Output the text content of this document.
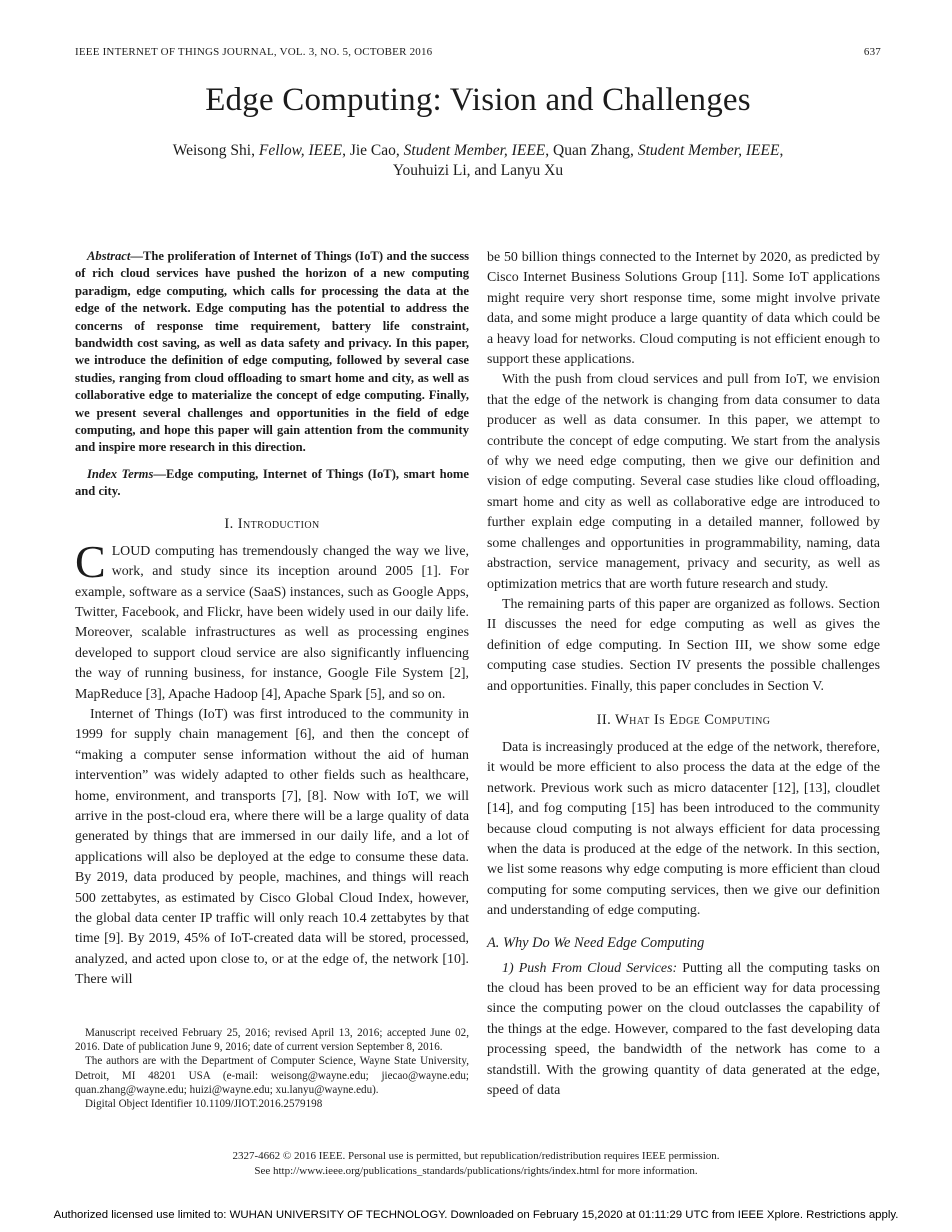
IEEE INTERNET OF THINGS JOURNAL, VOL. 3, NO. 5, OCTOBER 2016	637
Edge Computing: Vision and Challenges
Weisong Shi, Fellow, IEEE, Jie Cao, Student Member, IEEE, Quan Zhang, Student Member, IEEE,
Youhuizi Li, and Lanyu Xu

Abstract—The proliferation of Internet of Things (IoT) and the success of rich cloud services have pushed the horizon of a new computing paradigm, edge computing, which calls for processing the data at the edge of the network. Edge computing has the potential to address the concerns of response time requirement, battery life constraint, bandwidth cost saving, as well as data safety and privacy. In this paper, we introduce the definition of edge computing, followed by several case studies, ranging from cloud offloading to smart home and city, as well as collaborative edge to materialize the concept of edge computing. Finally, we present several challenges and opportunities in the field of edge computing, and hope this paper will gain attention from the community and inspire more research in this direction.

Index Terms—Edge computing, Internet of Things (IoT), smart home and city.

I. Introduction

CLOUD computing has tremendously changed the way we live, work, and study since its inception around 2005 [1]. For example, software as a service (SaaS) instances, such as Google Apps, Twitter, Facebook, and Flickr, have been widely used in our daily life. Moreover, scalable infrastructures as well as processing engines developed to support cloud service are also significantly influencing the way of running business, for instance, Google File System [2], MapReduce [3], Apache Hadoop [4], Apache Spark [5], and so on.

Internet of Things (IoT) was first introduced to the community in 1999 for supply chain management [6], and then the concept of “making a computer sense information without the aid of human intervention” was widely adapted to other fields such as healthcare, home, environment, and transports [7], [8]. Now with IoT, we will arrive in the post-cloud era, where there will be a large quality of data generated by things that are immersed in our daily life, and a lot of applications will also be deployed at the edge to consume these data. By 2019, data produced by people, machines, and things will reach 500 zettabytes, as estimated by Cisco Global Cloud Index, however, the global data center IP traffic will only reach 10.4 zettabytes by that time [9]. By 2019, 45% of IoT-created data will be stored, processed, analyzed, and acted upon close to, or at the edge of, the network [10]. There will

Manuscript received February 25, 2016; revised April 13, 2016; accepted June 02, 2016. Date of publication June 9, 2016; date of current version September 8, 2016.

The authors are with the Department of Computer Science, Wayne State University, Detroit, MI 48201 USA (e-mail: weisong@wayne.edu; jiecao@wayne.edu; quan.zhang@wayne.edu; huizi@wayne.edu; xu.lanyu@wayne.edu).

Digital Object Identifier 10.1109/JIOT.2016.2579198

be 50 billion things connected to the Internet by 2020, as predicted by Cisco Internet Business Solutions Group [11]. Some IoT applications might require very short response time, some might involve private data, and some might produce a large quantity of data which could be a heavy load for networks. Cloud computing is not efficient enough to support these applications.

With the push from cloud services and pull from IoT, we envision that the edge of the network is changing from data consumer to data producer as well as data consumer. In this paper, we attempt to contribute the concept of edge computing. We start from the analysis of why we need edge computing, then we give our definition and vision of edge computing. Several case studies like cloud offloading, smart home and city as well as collaborative edge are introduced to further explain edge computing in a detailed manner, followed by some challenges and opportunities in programmability, naming, data abstraction, service management, privacy and security, as well as optimization metrics that are worth future research and study.

The remaining parts of this paper are organized as follows. Section II discusses the need for edge computing as well as gives the definition of edge computing. In Section III, we show some edge computing case studies. Section IV presents the possible challenges and opportunities. Finally, this paper concludes in Section V.

II. What Is Edge Computing

Data is increasingly produced at the edge of the network, therefore, it would be more efficient to also process the data at the edge of the network. Previous work such as micro datacenter [12], [13], cloudlet [14], and fog computing [15] has been introduced to the community because cloud computing is not always efficient for data processing when the data is produced at the edge of the network. In this section, we list some reasons why edge computing is more efficient than cloud computing for some computing services, then we give our definition and understanding of edge computing.

A. Why Do We Need Edge Computing

1) Push From Cloud Services: Putting all the computing tasks on the cloud has been proved to be an efficient way for data processing since the computing power on the cloud outclasses the capability of the things at the edge. However, compared to the fast developing data processing speed, the bandwidth of the network has come to a standstill. With the growing quantity of data generated at the edge, speed of data

2327-4662 © 2016 IEEE. Personal use is permitted, but republication/redistribution requires IEEE permission.
See http://www.ieee.org/publications_standards/publications/rights/index.html for more information.
Authorized licensed use limited to: WUHAN UNIVERSITY OF TECHNOLOGY. Downloaded on February 15,2020 at 01:11:29 UTC from IEEE Xplore. Restrictions apply.
